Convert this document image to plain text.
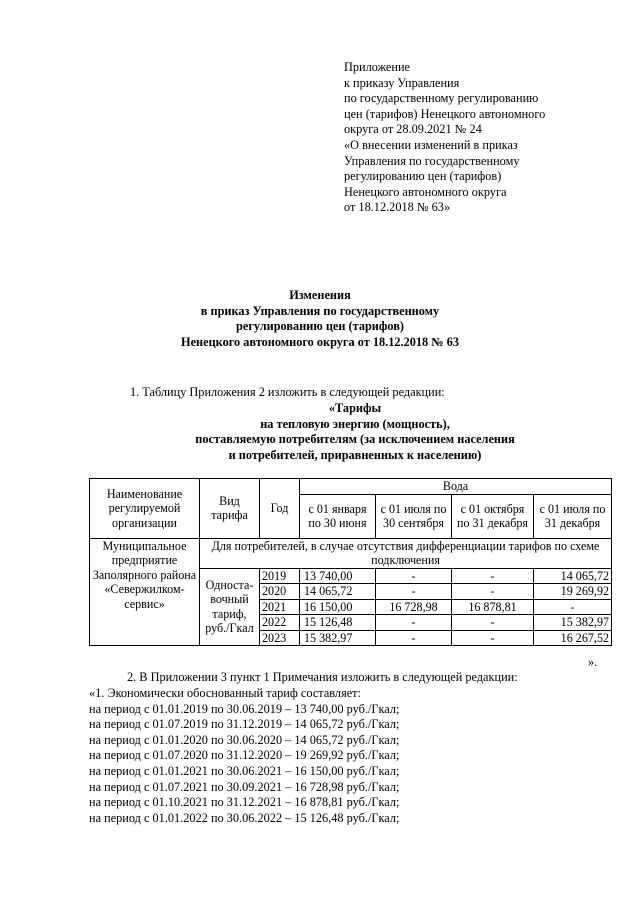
Приложение
к приказу Управления
по государственному регулированию
цен (тарифов) Ненецкого автономного
округа от 28.09.2021 № 24
«О внесении изменений в приказ
Управления по государственному
регулированию цен (тарифов)
Ненецкого автономного округа
от 18.12.2018 № 63»
Изменения
в приказ Управления по государственному
регулированию цен (тарифов)
Ненецкого автономного округа от 18.12.2018 № 63
1. Таблицу Приложения 2 изложить в следующей редакции:
«Тарифы
на тепловую энергию (мощность),
поставляемую потребителям (за исключением населения
и потребителей, приравненных к населению)
Наименование регулируемой организации	Вид тарифа	Год	Вода			
			с 01 января по 30 июня	с 01 июля по 30 сентября	с 01 октября по 31 декабря	с 01 июля по 31 декабря
Муниципальное предприятие Заполярного района «Севержилком-сервис»	Для потребителей, в случае отсутствия дифференциации тарифов по схеме подключения					
	Односта-вочный тариф, руб./Гкал	2019	13 740,00	-	-	14 065,72
		2020	14 065,72	-	-	19 269,92
		2021	16 150,00	16 728,98	16 878,81	-
		2022	15 126,48	-	-	15 382,97
		2023	15 382,97	-	-	16 267,52
».
2. В Приложении 3 пункт 1 Примечания изложить в следующей редакции:
«1. Экономически обоснованный тариф составляет:
на период с 01.01.2019 по 30.06.2019 – 13 740,00 руб./Гкал;
на период с 01.07.2019 по 31.12.2019 – 14 065,72 руб./Гкал;
на период с 01.01.2020 по 30.06.2020 – 14 065,72 руб./Гкал;
на период с 01.07.2020 по 31.12.2020 – 19 269,92 руб./Гкал;
на период с 01.01.2021 по 30.06.2021 – 16 150,00 руб./Гкал;
на период с 01.07.2021 по 30.09.2021 – 16 728,98 руб./Гкал;
на период с 01.10.2021 по 31.12.2021 – 16 878,81 руб./Гкал;
на период с 01.01.2022 по 30.06.2022 – 15 126,48 руб./Гкал;
